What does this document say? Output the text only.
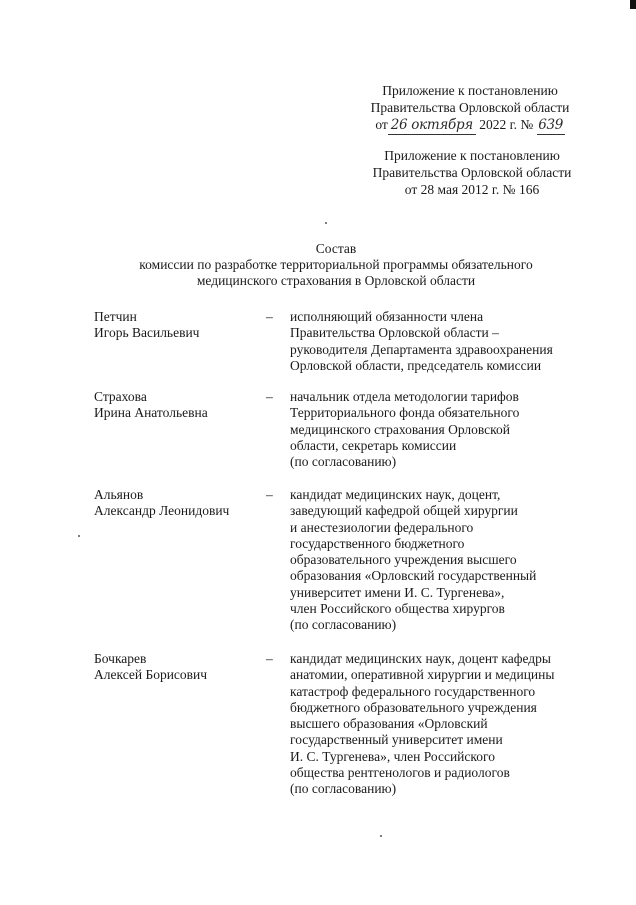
Приложение к постановлению
Правительства Орловской области
от 26 октября 2022 г. № 639
Приложение к постановлению
Правительства Орловской области
от 28 мая 2012 г. № 166
Состав
комиссии по разработке территориальной программы обязательного
медицинского страхования в Орловской области
Петчин
Игорь Васильевич
– исполняющий обязанности члена
Правительства Орловской области –
руководителя Департамента здравоохранения
Орловской области, председатель комиссии
Страхова
Ирина Анатольевна
– начальник отдела методологии тарифов
Территориального фонда обязательного
медицинского страхования Орловской
области, секретарь комиссии
(по согласованию)
Альянов
Александр Леонидович
– кандидат медицинских наук, доцент,
заведующий кафедрой общей хирургии
и анестезиологии федерального
государственного бюджетного
образовательного учреждения высшего
образования «Орловский государственный
университет имени И. С. Тургенева»,
член Российского общества хирургов
(по согласованию)
Бочкарев
Алексей Борисович
– кандидат медицинских наук, доцент кафедры
анатомии, оперативной хирургии и медицины
катастроф федерального государственного
бюджетного образовательного учреждения
высшего образования «Орловский
государственный университет имени
И. С. Тургенева», член Российского
общества рентгенологов и радиологов
(по согласованию)
